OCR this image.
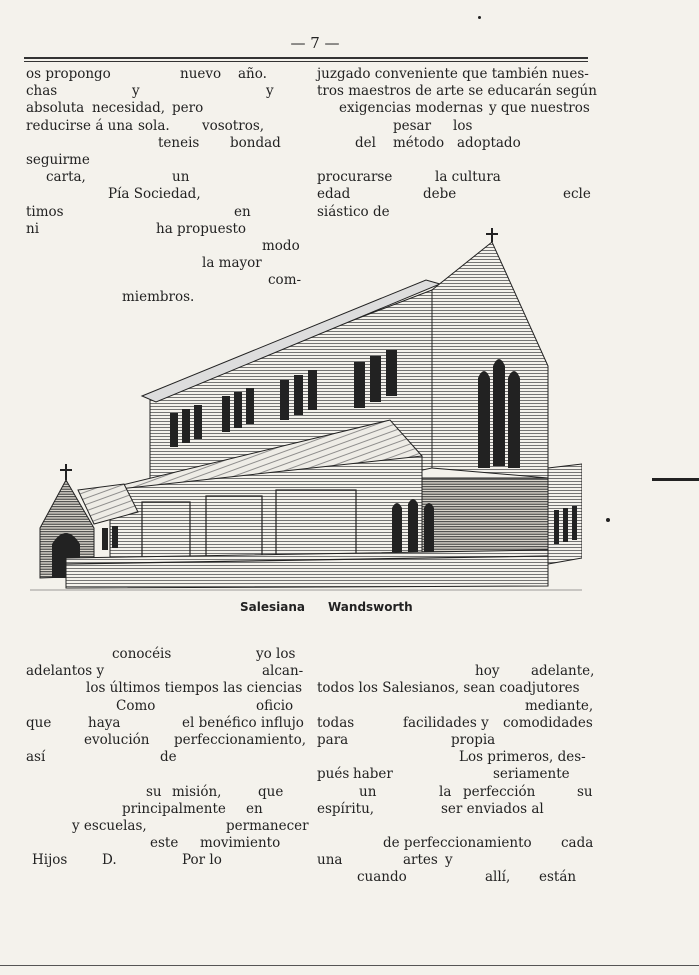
— 7 —
os propongo	nuevo año.
chas	y	y
absoluta necesidad, pero
reducirse á una sola. vosotros,
teneis bondad
seguirme
carta,	un
Pía Sociedad,
timos	en
ni	ha propuesto
modo
la mayor
com-
miembros.
juzgado conveniente que también nues-
tros maestros de arte se educarán según
exigencias modernas y que nuestros
pesar los
del método adoptado
procurarse	la cultura
edad	debe	ecle
siástico de
Salesiana Wandsworth
conocéis	yo los
adelantos y	alcan-
los últimos tiempos las ciencias
Como	oficio
que	haya	el benéfico influjo
evolución perfeccionamiento,
así	de
su misión,	que
principalmente en
y escuelas,	permanecer
este movimiento
Hijos	D.	Por lo
hoy adelante,
todos los Salesianos, sean coadjutores
mediante,
todas	facilidades y comodidades
para	propia
Los primeros, des-
pués haber	seriamente
un	la perfección	su
espíritu,	ser enviados al
de perfeccionamiento cada
una	artes y
cuando	allí, están
